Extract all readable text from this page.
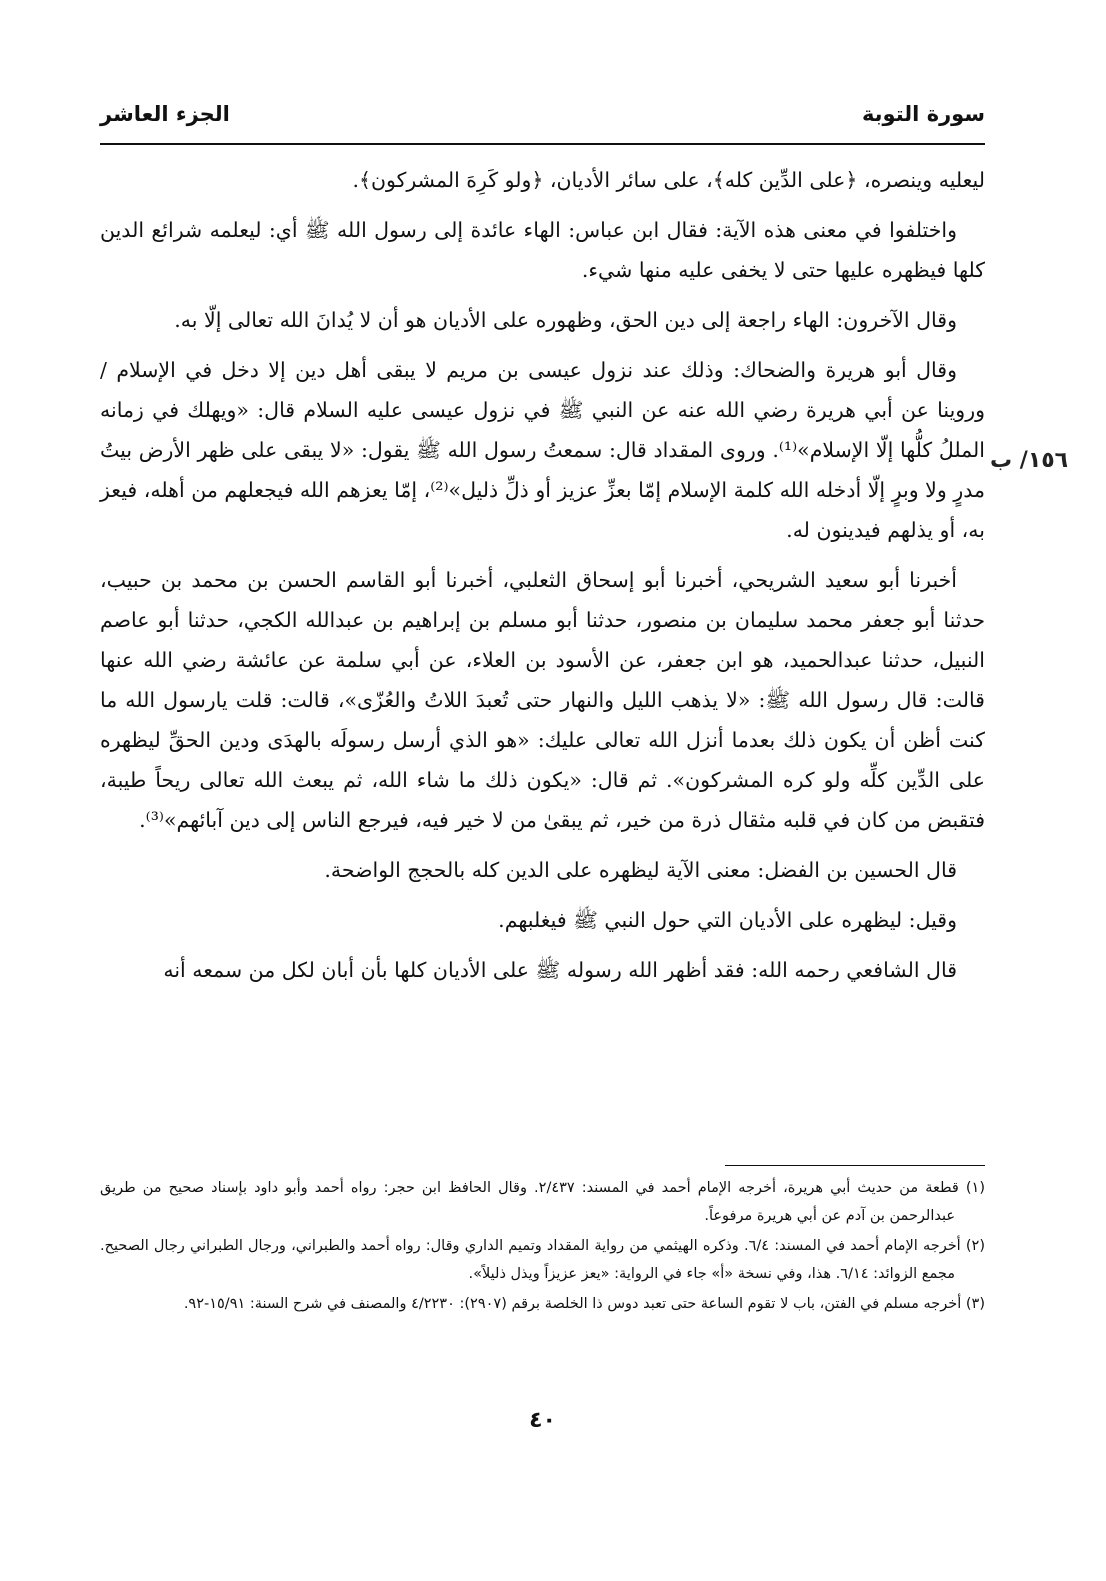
سورة التوبة
الجزء العاشر

ليعليه وينصره، ﴿على الدِّين كله﴾، على سائر الأديان، ﴿ولو كَرِهَ المشركون﴾.

واختلفوا في معنى هذه الآية: فقال ابن عباس: الهاء عائدة إلى رسول الله ﷺ أي: ليعلمه شرائع الدين كلها فيظهره عليها حتى لا يخفى عليه منها شيء.

وقال الآخرون: الهاء راجعة إلى دين الحق، وظهوره على الأديان هو أن لا يُدانَ الله تعالى إلّا به.

وقال أبو هريرة والضحاك: وذلك عند نزول عيسى بن مريم لا يبقى أهل دين إلا دخل في الإسلام / وروينا عن أبي هريرة رضي الله عنه عن النبي ﷺ في نزول عيسى عليه السلام قال: «ويهلك في زمانه المللُ كلُّها إلّا الإسلام»⁽¹⁾. وروى المقداد قال: سمعتُ رسول الله ﷺ يقول: «لا يبقى على ظهر الأرض بيتُ مدرٍ ولا وبرٍ إلّا أدخله الله كلمة الإسلام إمّا بعزِّ عزيز أو ذلِّ ذليل»⁽²⁾، إمّا يعزهم الله فيجعلهم من أهله، فيعز به، أو يذلهم فيدينون له.

أخبرنا أبو سعيد الشريحي، أخبرنا أبو إسحاق الثعلبي، أخبرنا أبو القاسم الحسن بن محمد بن حبيب، حدثنا أبو جعفر محمد سليمان بن منصور، حدثنا أبو مسلم بن إبراهيم بن عبدالله الكجي، حدثنا أبو عاصم النبيل، حدثنا عبدالحميد، هو ابن جعفر، عن الأسود بن العلاء، عن أبي سلمة عن عائشة رضي الله عنها قالت: قال رسول الله ﷺ: «لا يذهب الليل والنهار حتى تُعبدَ اللاتُ والعُزّى»، قالت: قلت يارسول الله ما كنت أظن أن يكون ذلك بعدما أنزل الله تعالى عليك: «هو الذي أرسل رسولَه بالهدَى ودين الحقِّ ليظهره على الدِّين كلِّه ولو كره المشركون». ثم قال: «يكون ذلك ما شاء الله، ثم يبعث الله تعالى ريحاً طيبة، فتقبض من كان في قلبه مثقال ذرة من خير، ثم يبقىٰ من لا خير فيه، فيرجع الناس إلى دين آبائهم»⁽³⁾.

قال الحسين بن الفضل: معنى الآية ليظهره على الدين كله بالحجج الواضحة.

وقيل: ليظهره على الأديان التي حول النبي ﷺ فيغلبهم.

قال الشافعي رحمه الله: فقد أظهر الله رسوله ﷺ على الأديان كلها بأن أبان لكل من سمعه أنه

(١) قطعة من حديث أبي هريرة، أخرجه الإمام أحمد في المسند: ٢/٤٣٧. وقال الحافظ ابن حجر: رواه أحمد وأبو داود بإسناد صحيح من طريق عبدالرحمن بن آدم عن أبي هريرة مرفوعاً.

(٢) أخرجه الإمام أحمد في المسند: ٦/٤. وذكره الهيثمي من رواية المقداد وتميم الداري وقال: رواه أحمد والطبراني، ورجال الطبراني رجال الصحيح. مجمع الزوائد: ٦/١٤. هذا، وفي نسخة «أ» جاء في الرواية: «يعز عزيزاً ويذل ذليلاً».

(٣) أخرجه مسلم في الفتن، باب لا تقوم الساعة حتى تعبد دوس ذا الخلصة برقم (٢٩٠٧): ٤/٢٢٣٠ والمصنف في شرح السنة: ١٥/٩١-٩٢.

٤٠
١٥٦/ ب
